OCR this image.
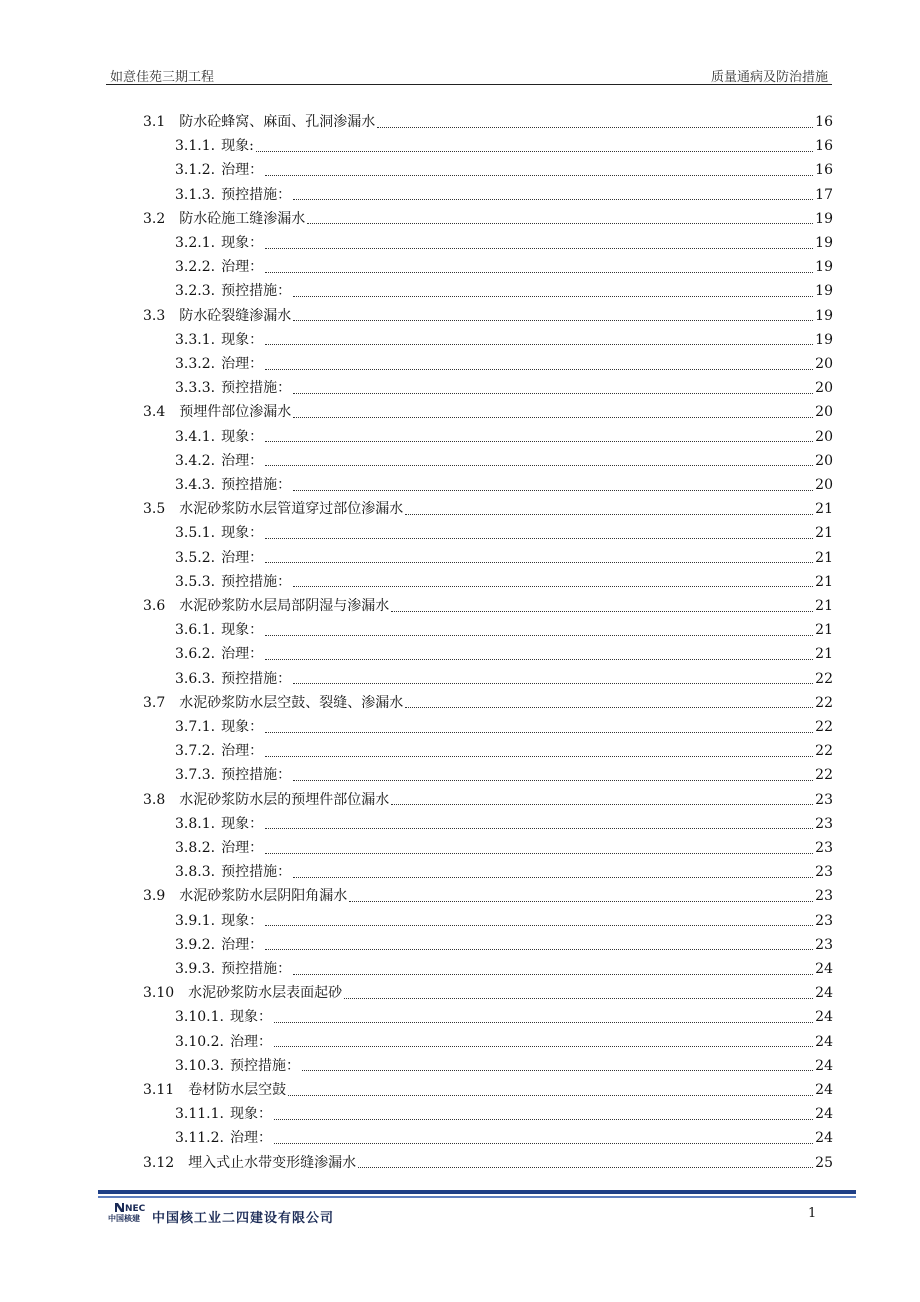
如意佳苑三期工程	质量通病及防治措施
3.1 防水砼蜂窝、麻面、孔洞渗漏水	16
3.1.1. 现象:	16
3.1.2. 治理：	16
3.1.3. 预控措施：	17
3.2 防水砼施工缝渗漏水	19
3.2.1. 现象：	19
3.2.2. 治理：	19
3.2.3. 预控措施：	19
3.3 防水砼裂缝渗漏水	19
3.3.1. 现象：	19
3.3.2. 治理：	20
3.3.3. 预控措施：	20
3.4 预埋件部位渗漏水	20
3.4.1. 现象：	20
3.4.2. 治理：	20
3.4.3. 预控措施：	20
3.5 水泥砂浆防水层管道穿过部位渗漏水	21
3.5.1. 现象：	21
3.5.2. 治理：	21
3.5.3. 预控措施：	21
3.6 水泥砂浆防水层局部阴湿与渗漏水	21
3.6.1. 现象：	21
3.6.2. 治理：	21
3.6.3. 预控措施：	22
3.7 水泥砂浆防水层空鼓、裂缝、渗漏水	22
3.7.1. 现象：	22
3.7.2. 治理：	22
3.7.3. 预控措施：	22
3.8 水泥砂浆防水层的预埋件部位漏水	23
3.8.1. 现象：	23
3.8.2. 治理：	23
3.8.3. 预控措施：	23
3.9 水泥砂浆防水层阴阳角漏水	23
3.9.1. 现象：	23
3.9.2. 治理：	23
3.9.3. 预控措施：	24
3.10 水泥砂浆防水层表面起砂	24
3.10.1. 现象：	24
3.10.2. 治理：	24
3.10.3. 预控措施：	24
3.11 卷材防水层空鼓	24
3.11.1. 现象：	24
3.11.2. 治理：	24
3.12 埋入式止水带变形缝渗漏水	25
NEC
中国核建 中国核工业二四建设有限公司	1
